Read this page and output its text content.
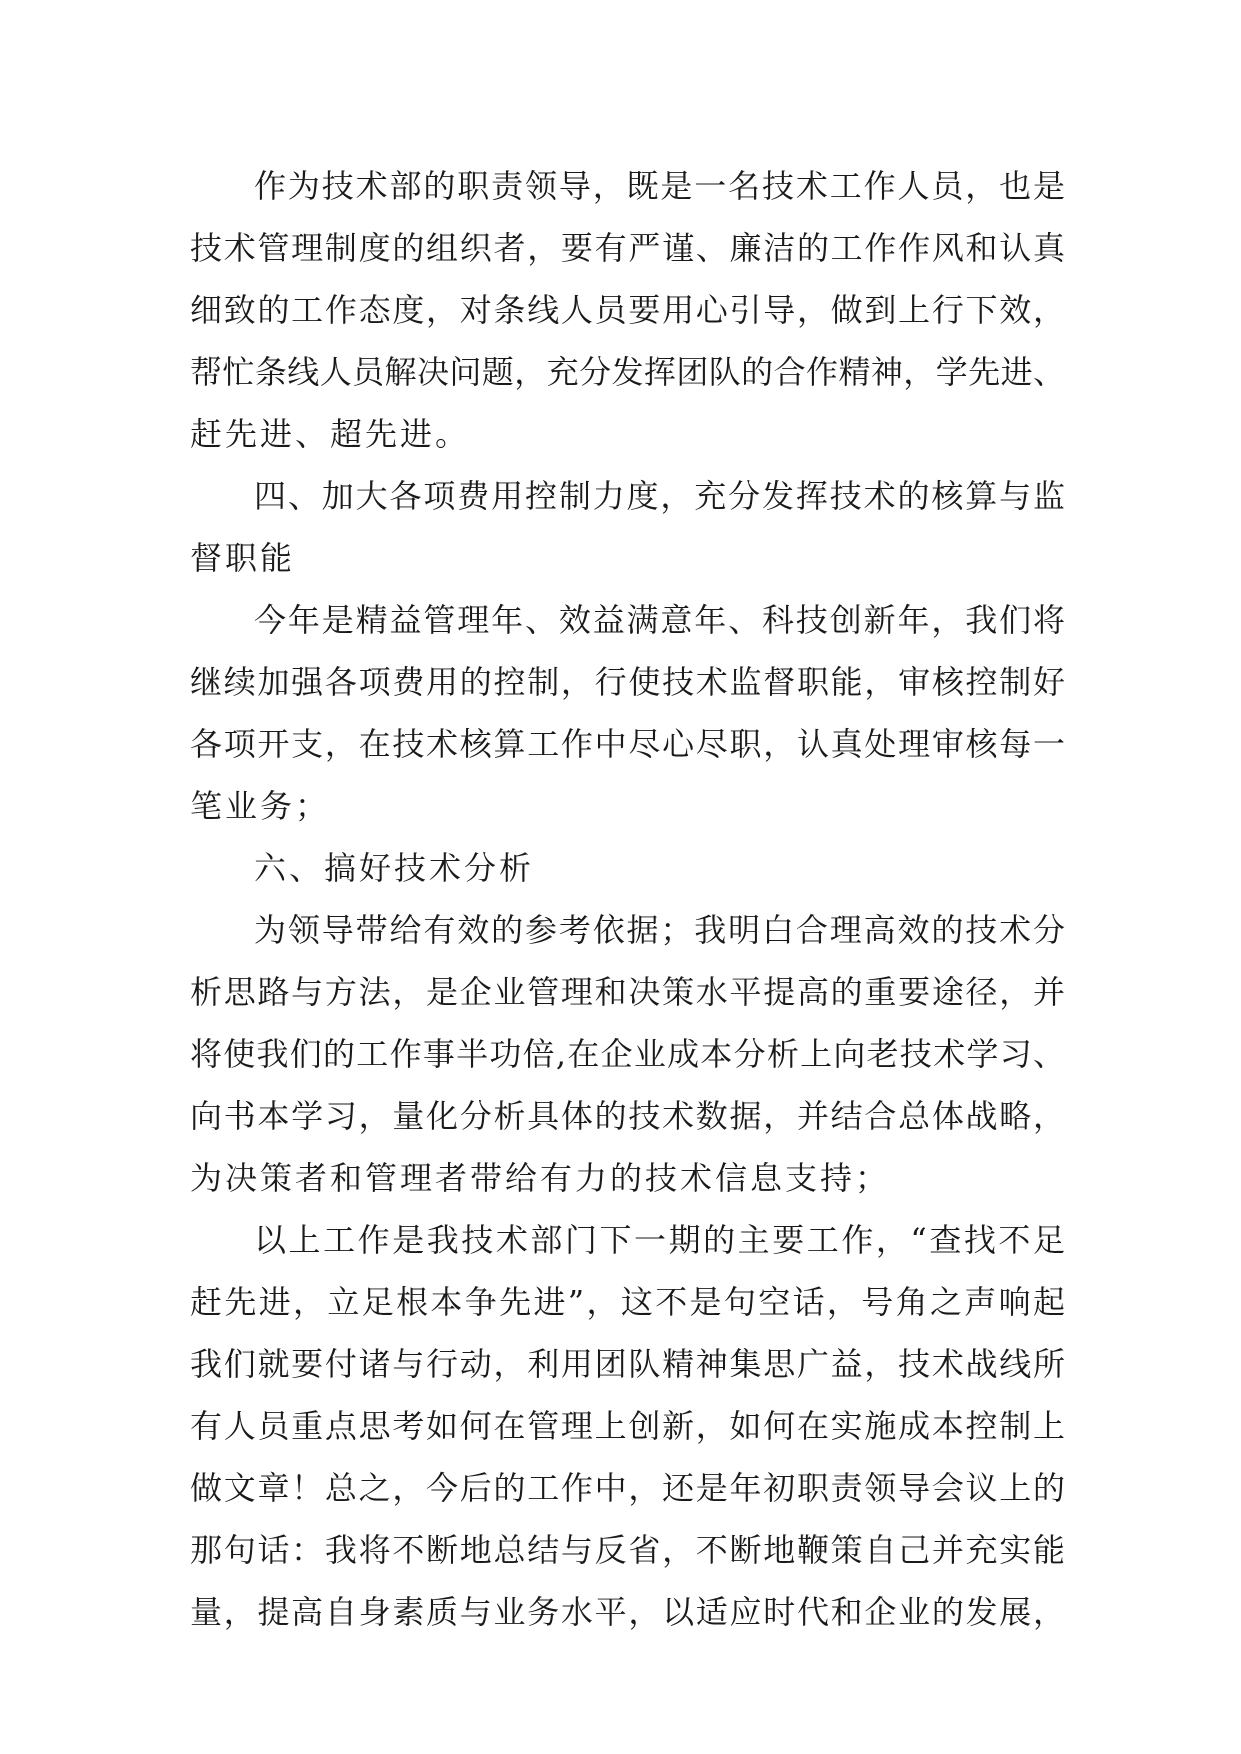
作为技术部的职责领导，既是一名技术工作人员，也是
技术管理制度的组织者，要有严谨、廉洁的工作作风和认真
细致的工作态度，对条线人员要用心引导，做到上行下效，
帮忙条线人员解决问题，充分发挥团队的合作精神，学先进、
赶先进、超先进。
四、加大各项费用控制力度，充分发挥技术的核算与监
督职能
今年是精益管理年、效益满意年、科技创新年，我们将
继续加强各项费用的控制，行使技术监督职能，审核控制好
各项开支，在技术核算工作中尽心尽职，认真处理审核每一
笔业务；
六、搞好技术分析
为领导带给有效的参考依据；我明白合理高效的技术分
析思路与方法，是企业管理和决策水平提高的重要途径，并
将使我们的工作事半功倍,在企业成本分析上向老技术学习、
向书本学习，量化分析具体的技术数据，并结合总体战略，
为决策者和管理者带给有力的技术信息支持；
以上工作是我技术部门下一期的主要工作，“查找不足
赶先进，立足根本争先进”，这不是句空话，号角之声响起
我们就要付诸与行动，利用团队精神集思广益，技术战线所
有人员重点思考如何在管理上创新，如何在实施成本控制上
做文章！总之，今后的工作中，还是年初职责领导会议上的
那句话：我将不断地总结与反省，不断地鞭策自己并充实能
量，提高自身素质与业务水平，以适应时代和企业的发展，
